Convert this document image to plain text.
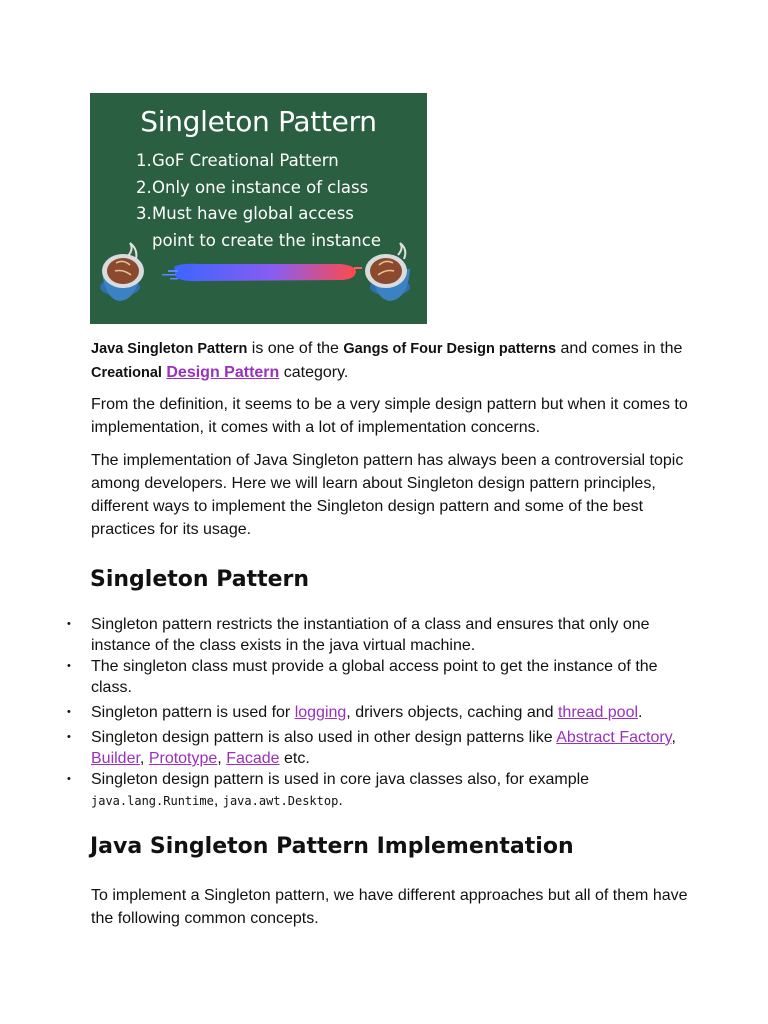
Singleton Pattern
1.GoF Creational Pattern
2.Only one instance of class
3.Must have global access
point to create the instance

Java Singleton Pattern is one of the Gangs of Four Design patterns and comes in the Creational Design Pattern category.

From the definition, it seems to be a very simple design pattern but when it comes to implementation, it comes with a lot of implementation concerns.

The implementation of Java Singleton pattern has always been a controversial topic among developers. Here we will learn about Singleton design pattern principles, different ways to implement the Singleton design pattern and some of the best practices for its usage.

Singleton Pattern
• Singleton pattern restricts the instantiation of a class and ensures that only one instance of the class exists in the java virtual machine.
• The singleton class must provide a global access point to get the instance of the class.
• Singleton pattern is used for logging, drivers objects, caching and thread pool.
• Singleton design pattern is also used in other design patterns like Abstract Factory, Builder, Prototype, Facade etc.
• Singleton design pattern is used in core java classes also, for example java.lang.Runtime, java.awt.Desktop.
Java Singleton Pattern Implementation

To implement a Singleton pattern, we have different approaches but all of them have the following common concepts.
